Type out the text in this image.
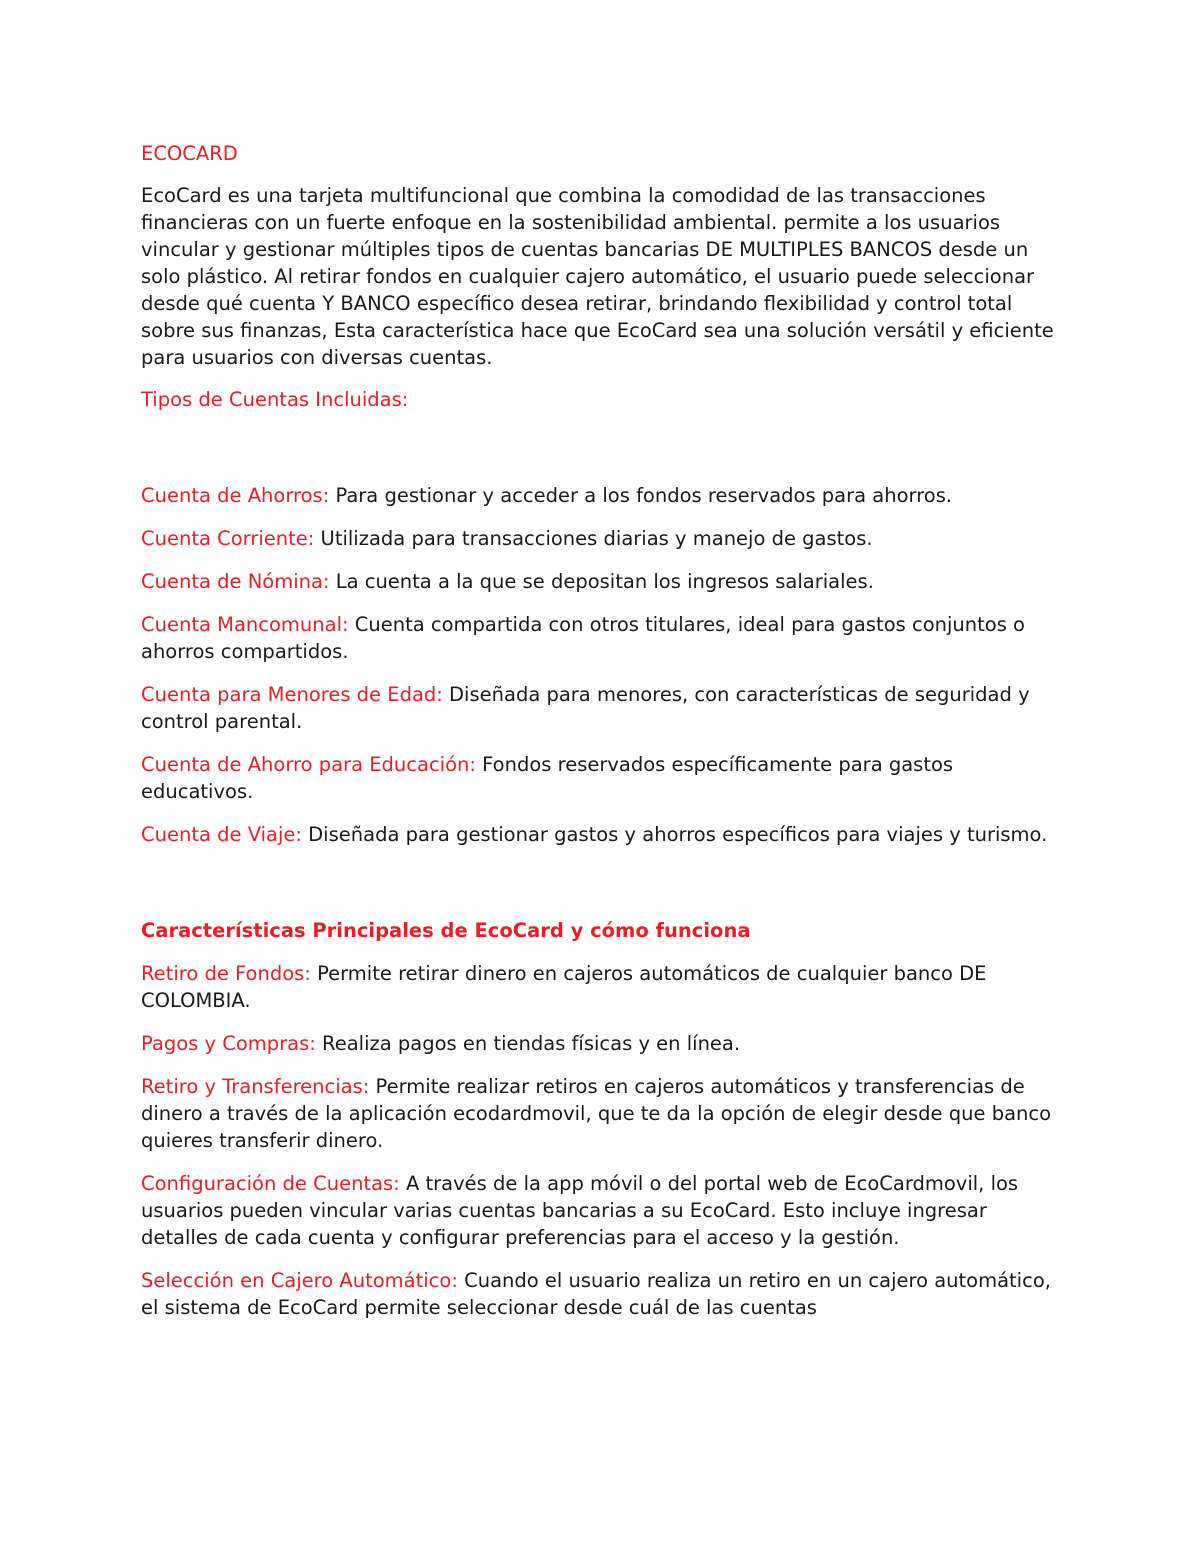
ECOCARD

EcoCard es una tarjeta multifuncional que combina la comodidad de las transacciones financieras con un fuerte enfoque en la sostenibilidad ambiental. permite a los usuarios vincular y gestionar múltiples tipos de cuentas bancarias DE MULTIPLES BANCOS desde un solo plástico. Al retirar fondos en cualquier cajero automático, el usuario puede seleccionar desde qué cuenta Y BANCO específico desea retirar, brindando flexibilidad y control total sobre sus finanzas, Esta característica hace que EcoCard sea una solución versátil y eficiente para usuarios con diversas cuentas.

Tipos de Cuentas Incluidas:

Cuenta de Ahorros: Para gestionar y acceder a los fondos reservados para ahorros.

Cuenta Corriente: Utilizada para transacciones diarias y manejo de gastos.

Cuenta de Nómina: La cuenta a la que se depositan los ingresos salariales.

Cuenta Mancomunal: Cuenta compartida con otros titulares, ideal para gastos conjuntos o ahorros compartidos.

Cuenta para Menores de Edad: Diseñada para menores, con características de seguridad y control parental.

Cuenta de Ahorro para Educación: Fondos reservados específicamente para gastos educativos.

Cuenta de Viaje: Diseñada para gestionar gastos y ahorros específicos para viajes y turismo.

Características Principales de EcoCard y cómo funciona

Retiro de Fondos: Permite retirar dinero en cajeros automáticos de cualquier banco DE COLOMBIA.

Pagos y Compras: Realiza pagos en tiendas físicas y en línea.

Retiro y Transferencias: Permite realizar retiros en cajeros automáticos y transferencias de dinero a través de la aplicación ecodardmovil, que te da la opción de elegir desde que banco quieres transferir dinero.

Configuración de Cuentas: A través de la app móvil o del portal web de EcoCardmovil, los usuarios pueden vincular varias cuentas bancarias a su EcoCard. Esto incluye ingresar detalles de cada cuenta y configurar preferencias para el acceso y la gestión.

Selección en Cajero Automático: Cuando el usuario realiza un retiro en un cajero automático, el sistema de EcoCard permite seleccionar desde cuál de las cuentas
